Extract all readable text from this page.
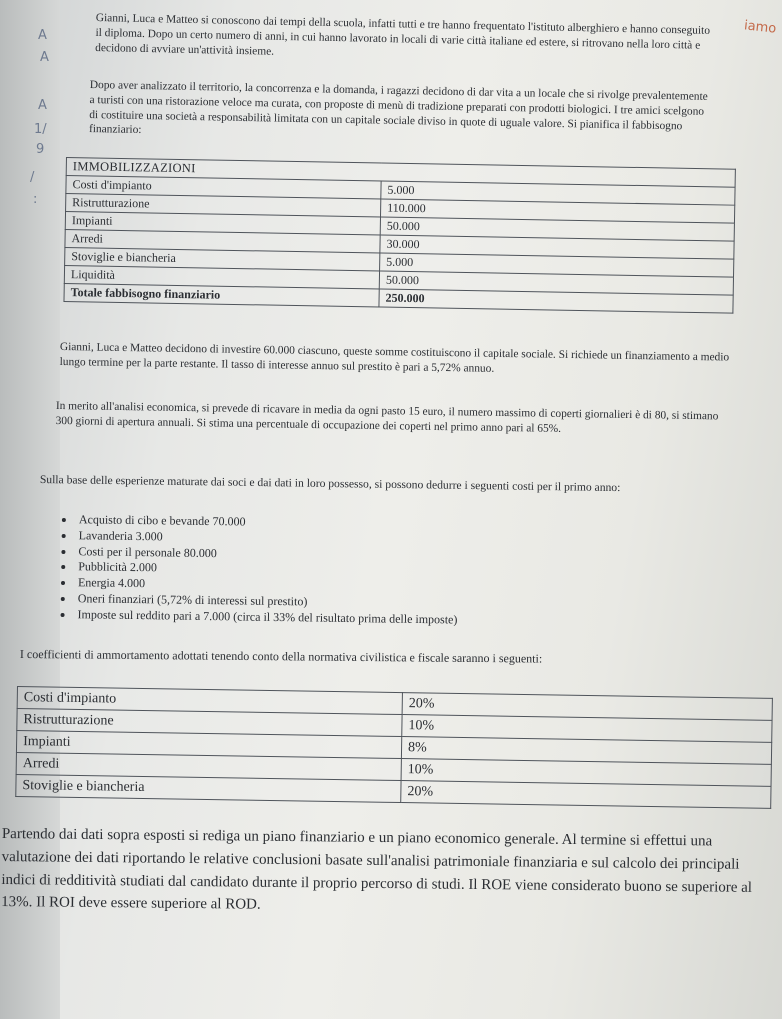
iamo
A
A
A
1/
9
/
:

Gianni, Luca e Matteo si conoscono dai tempi della scuola, infatti tutti e tre hanno frequentato l'istituto alberghiero e hanno conseguito il diploma. Dopo un certo numero di anni, in cui hanno lavorato in locali di varie città italiane ed estere, si ritrovano nella loro città e decidono di avviare un'attività insieme.

Dopo aver analizzato il territorio, la concorrenza e la domanda, i ragazzi decidono di dar vita a un locale che si rivolge prevalentemente a turisti con una ristorazione veloce ma curata, con proposte di menù di tradizione preparati con prodotti biologici. I tre amici scelgono di costituire una società a responsabilità limitata con un capitale sociale diviso in quote di uguale valore. Si pianifica il fabbisogno finanziario:

IMMOBILIZZAZIONI	
Costi d'impianto	5.000
Ristrutturazione	110.000
Impianti	50.000
Arredi	30.000
Stoviglie e biancheria	5.000
Liquidità	50.000
Totale fabbisogno finanziario	250.000

Gianni, Luca e Matteo decidono di investire 60.000 ciascuno, queste somme costituiscono il capitale sociale. Si richiede un finanziamento a medio lungo termine per la parte restante. Il tasso di interesse annuo sul prestito è pari a 5,72% annuo.

In merito all'analisi economica, si prevede di ricavare in media da ogni pasto 15 euro, il numero massimo di coperti giornalieri è di 80, si stimano 300 giorni di apertura annuali. Si stima una percentuale di occupazione dei coperti nel primo anno pari al 65%.

Sulla base delle esperienze maturate dai soci e dai dati in loro possesso, si possono dedurre i seguenti costi per il primo anno:

• Acquisto di cibo e bevande 70.000
• Lavanderia 3.000
• Costi per il personale 80.000
• Pubblicità 2.000
• Energia 4.000
• Oneri finanziari (5,72% di interessi sul prestito)
• Imposte sul reddito pari a 7.000 (circa il 33% del risultato prima delle imposte)

I coefficienti di ammortamento adottati tenendo conto della normativa civilistica e fiscale saranno i seguenti:

Costi d'impianto	20%
Ristrutturazione	10%
Impianti	8%
Arredi	10%
Stoviglie e biancheria	20%

Partendo dai dati sopra esposti si rediga un piano finanziario e un piano economico generale. Al termine si effettui una valutazione dei dati riportando le relative conclusioni basate sull'analisi patrimoniale finanziaria e sul calcolo dei principali indici di redditività studiati dal candidato durante il proprio percorso di studi. Il ROE viene considerato buono se superiore al 13%. Il ROI deve essere superiore al ROD.
